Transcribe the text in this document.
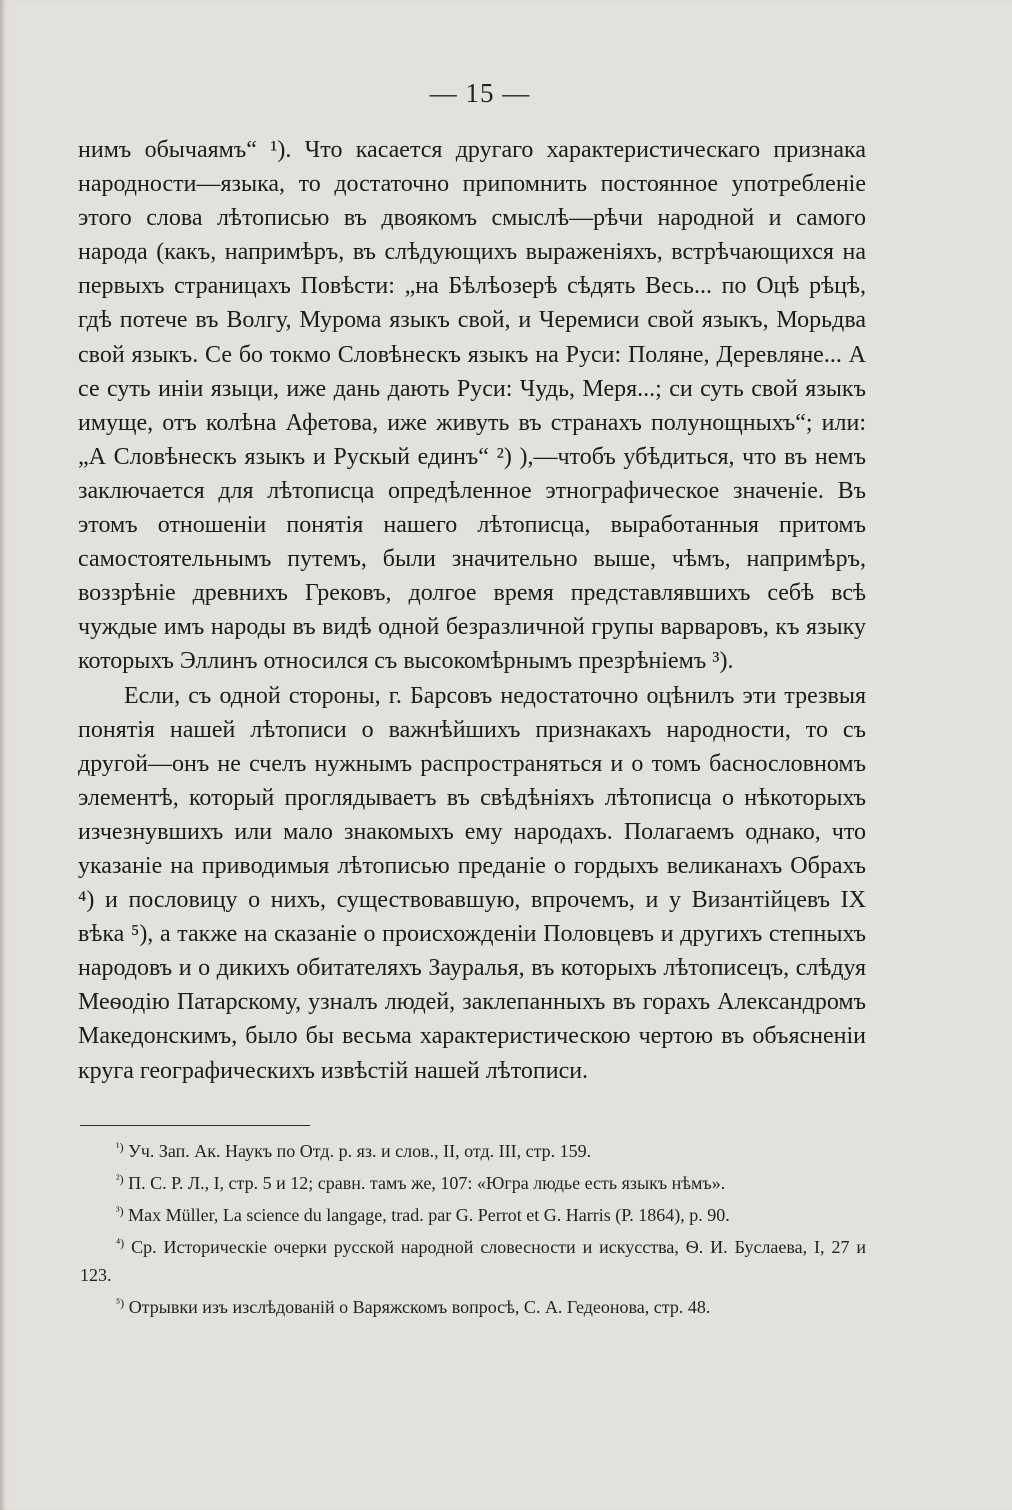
— 15 —

нимъ обычаямъ“ ¹). Что касается другаго характеристическаго признака народности—языка, то достаточно припомнить постоянное употребленіе этого слова лѣтописью въ двоякомъ смыслѣ—рѣчи народной и самого народа (какъ, напримѣръ, въ слѣдующихъ выраженіяхъ, встрѣчающихся на первыхъ страницахъ Повѣсти: „на Бѣлѣозерѣ сѣдять Весь... по Оцѣ рѣцѣ, гдѣ потече въ Волгу, Мурома языкъ свой, и Черемиси свой языкъ, Морьдва свой языкъ. Се бо токмо Словѣнескъ языкъ на Руси: Поляне, Деревляне... А се суть иніи языци, иже дань дають Руси: Чудь, Меря...; си суть свой языкъ имуще, отъ колѣна Афетова, иже живуть въ странахъ полунощныхъ“; или: „А Словѣнескъ языкъ и Рускый единъ“ ²) ),—чтобъ убѣдиться, что въ немъ заключается для лѣтописца опредѣленное этнографическое значеніе. Въ этомъ отношеніи понятія нашего лѣтописца, выработанныя притомъ самостоятельнымъ путемъ, были значительно выше, чѣмъ, напримѣръ, воззрѣніе древнихъ Грековъ, долгое время представлявшихъ себѣ всѣ чуждые имъ народы въ видѣ одной безразличной групы варваровъ, къ языку которыхъ Эллинъ относился съ высокомѣрнымъ презрѣніемъ ³).

Если, съ одной стороны, г. Барсовъ недостаточно оцѣнилъ эти трезвыя понятія нашей лѣтописи о важнѣйшихъ признакахъ народности, то съ другой—онъ не счелъ нужнымъ распространяться и о томъ баснословномъ элементѣ, который проглядываетъ въ свѣдѣніяхъ лѣтописца о нѣкоторыхъ изчезнувшихъ или мало знакомыхъ ему народахъ. Полагаемъ однако, что указаніе на приводимыя лѣтописью преданіе о гордыхъ великанахъ Обрахъ ⁴) и пословицу о нихъ, существовавшую, впрочемъ, и у Византійцевъ IX вѣка ⁵), а также на сказаніе о происхожденіи Половцевъ и другихъ степныхъ народовъ и о дикихъ обитателяхъ Зауралья, въ которыхъ лѣтописецъ, слѣдуя Меѳодію Патарскому, узналъ людей, заклепанныхъ въ горахъ Александромъ Македонскимъ, было бы весьма характеристическою чертою въ объясненіи круга географическихъ извѣстій нашей лѣтописи.

$^{^1)}$ Уч. Зап. Ак. Наукъ по Отд. р. яз. и слов., II, отд. III, стр. 159.

$^{^2)}$ П. С. Р. Л., I, стр. 5 и 12; сравн. тамъ же, 107: «Югра людье есть языкъ нѣмъ».

$^{^3)}$ Max Müller, La science du langage, trad. par G. Perrot et G. Harris (P. 1864), p. 90.

$^{^4)}$ Ср. Историческіе очерки русской народной словесности и искусства, Ѳ. И. Буслаева, I, 27 и 123.

$^{^5)}$ Отрывки изъ изслѣдованій о Варяжскомъ вопросѣ, С. А. Гедеонова, стр. 48.
